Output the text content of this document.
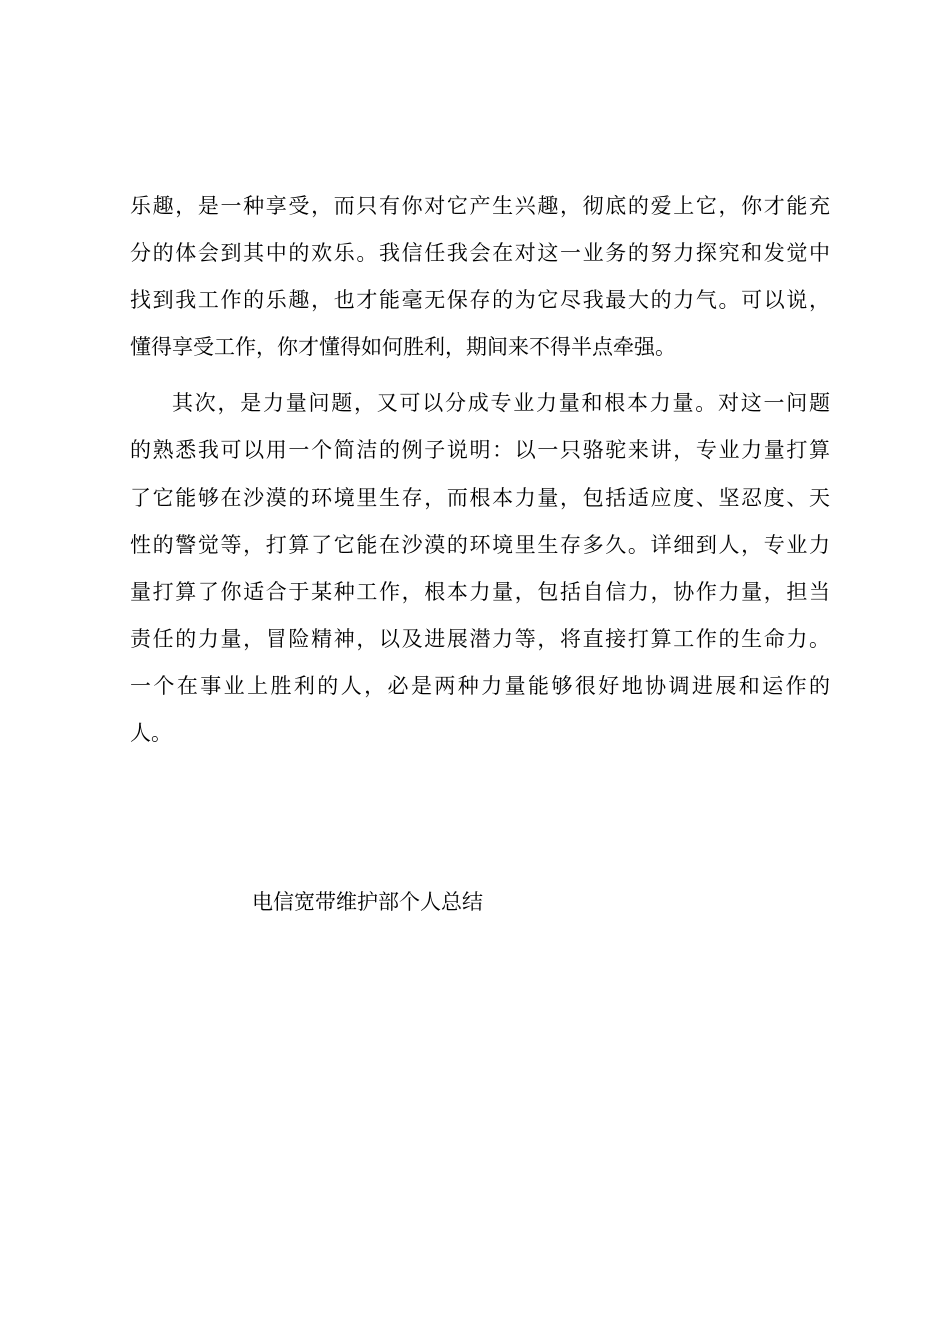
乐趣，是一种享受，而只有你对它产生兴趣，彻底的爱上它，你才能充
分的体会到其中的欢乐。我信任我会在对这一业务的努力探究和发觉中
找到我工作的乐趣，也才能毫无保存的为它尽我最大的力气。可以说，
懂得享受工作，你才懂得如何胜利，期间来不得半点牵强。
其次，是力量问题，又可以分成专业力量和根本力量。对这一问题
的熟悉我可以用一个简洁的例子说明：以一只骆驼来讲，专业力量打算
了它能够在沙漠的环境里生存，而根本力量，包括适应度、坚忍度、天
性的警觉等，打算了它能在沙漠的环境里生存多久。详细到人，专业力
量打算了你适合于某种工作，根本力量，包括自信力，协作力量，担当
责任的力量，冒险精神，以及进展潜力等，将直接打算工作的生命力。
一个在事业上胜利的人，必是两种力量能够很好地协调进展和运作的
人。
电信宽带维护部个人总结
